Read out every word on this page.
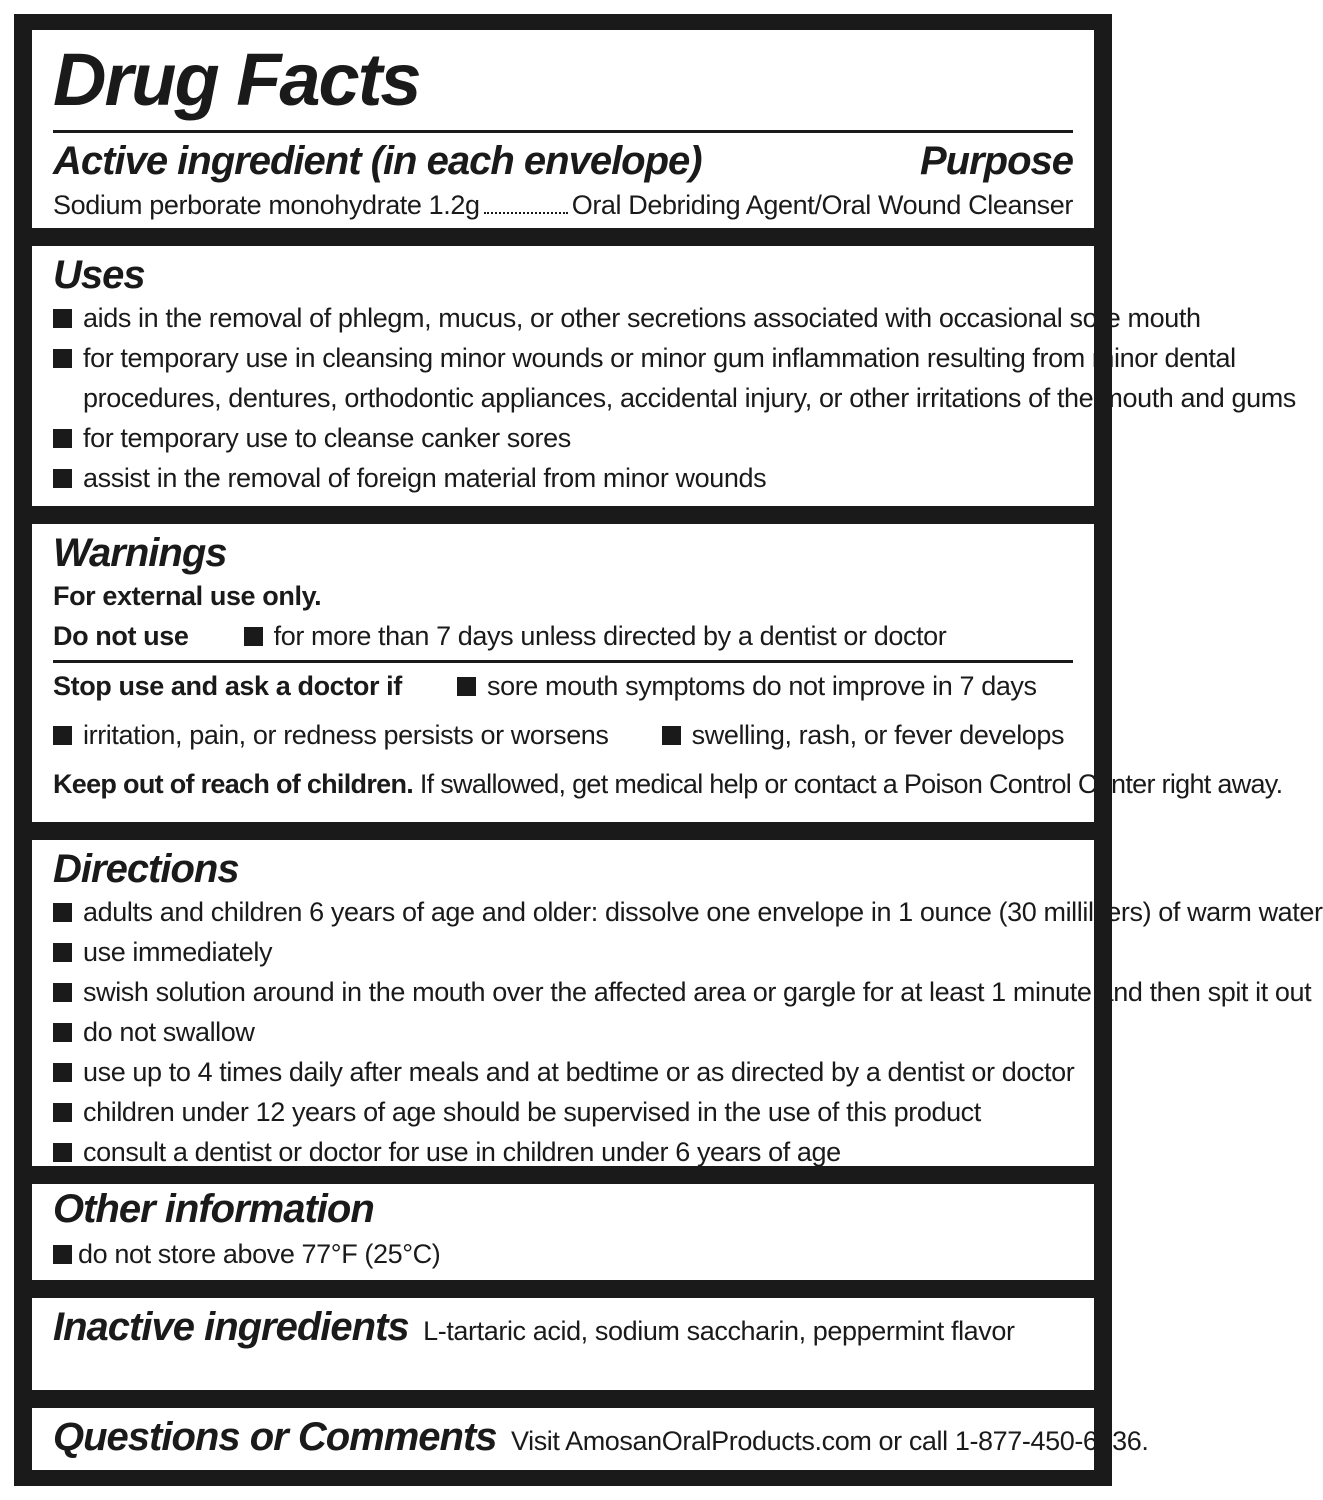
Drug Facts
Active ingredient (in each envelope)	Purpose
Sodium perborate monohydrate 1.2g	Oral Debriding Agent/Oral Wound Cleanser
Uses
aids in the removal of phlegm, mucus, or other secretions associated with occasional sore mouth
for temporary use in cleansing minor wounds or minor gum inflammation resulting from minor dental
procedures, dentures, orthodontic appliances, accidental injury, or other irritations of the mouth and gums
for temporary use to cleanse canker sores
assist in the removal of foreign material from minor wounds
Warnings
For external use only.
Do not use	for more than 7 days unless directed by a dentist or doctor
Stop use and ask a doctor if	sore mouth symptoms do not improve in 7 days
irritation, pain, or redness persists or worsens	swelling, rash, or fever develops
Keep out of reach of children. If swallowed, get medical help or contact a Poison Control Center right away.
Directions
adults and children 6 years of age and older: dissolve one envelope in 1 ounce (30 milliliters) of warm water
use immediately
swish solution around in the mouth over the affected area or gargle for at least 1 minute and then spit it out
do not swallow
use up to 4 times daily after meals and at bedtime or as directed by a dentist or doctor
children under 12 years of age should be supervised in the use of this product
consult a dentist or doctor for use in children under 6 years of age
Other information
do not store above 77°F (25°C)
Inactive ingredients L-tartaric acid, sodium saccharin, peppermint flavor
Questions or Comments Visit AmosanOralProducts.com or call 1-877-450-6436.
